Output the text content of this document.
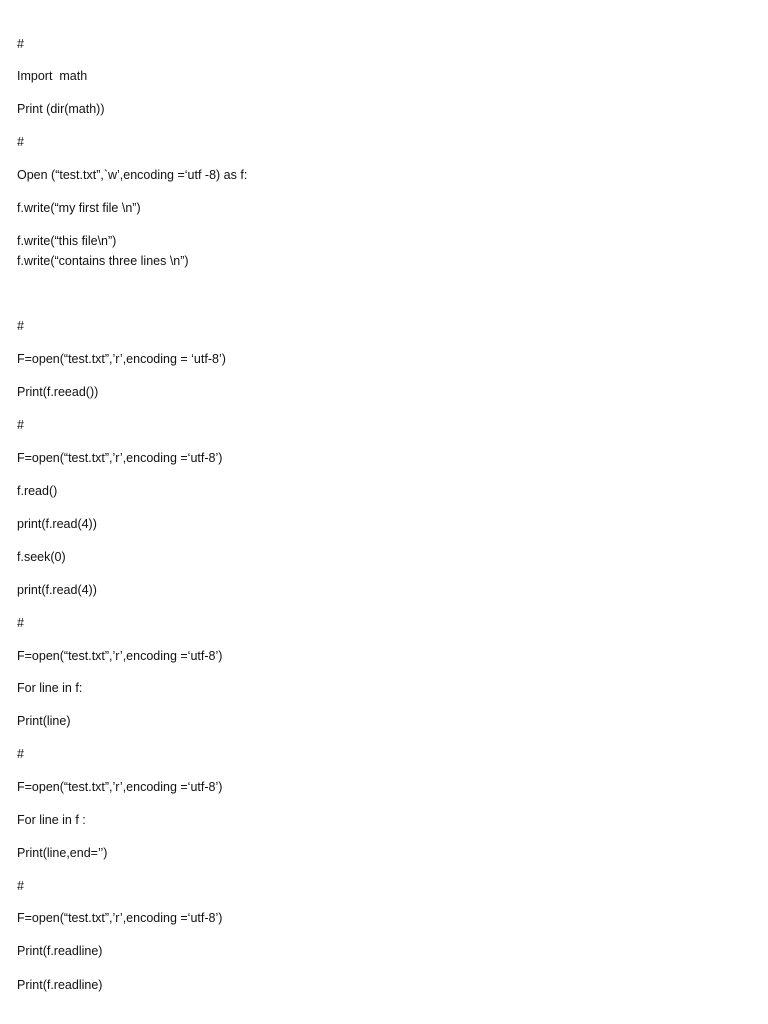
#
Import  math
Print (dir(math))
#
Open (“test.txt”,`w’,encoding =‘utf -8) as f:
f.write(“my first file \n”)
f.write(“this file\n”)
f.write(“contains three lines \n”)
#
F=open(“test.txt”,’r’,encoding = ‘utf-8’)
Print(f.reead())
#
F=open(“test.txt”,’r’,encoding =‘utf-8’)
f.read()
print(f.read(4))
f.seek(0)
print(f.read(4))
#
F=open(“test.txt”,’r’,encoding =‘utf-8’)
For line in f:
Print(line)
#
F=open(“test.txt”,’r’,encoding =‘utf-8’)
For line in f :
Print(line,end=’’)
#
F=open(“test.txt”,’r’,encoding =‘utf-8’)
Print(f.readline)
Print(f.readline)
